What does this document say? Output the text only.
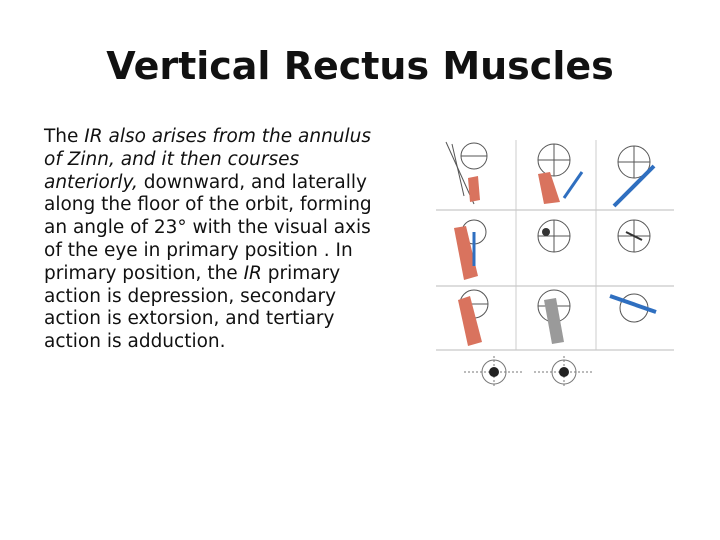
Vertical Rectus Muscles
The IR also arises from the annulus
of Zinn, and it then courses
anteriorly, downward, and laterally
along the floor of the orbit, forming
an angle of 23° with the visual axis
of the eye in primary position . In
primary position, the IR primary
action is depression, secondary
action is extorsion, and tertiary
action is adduction.
